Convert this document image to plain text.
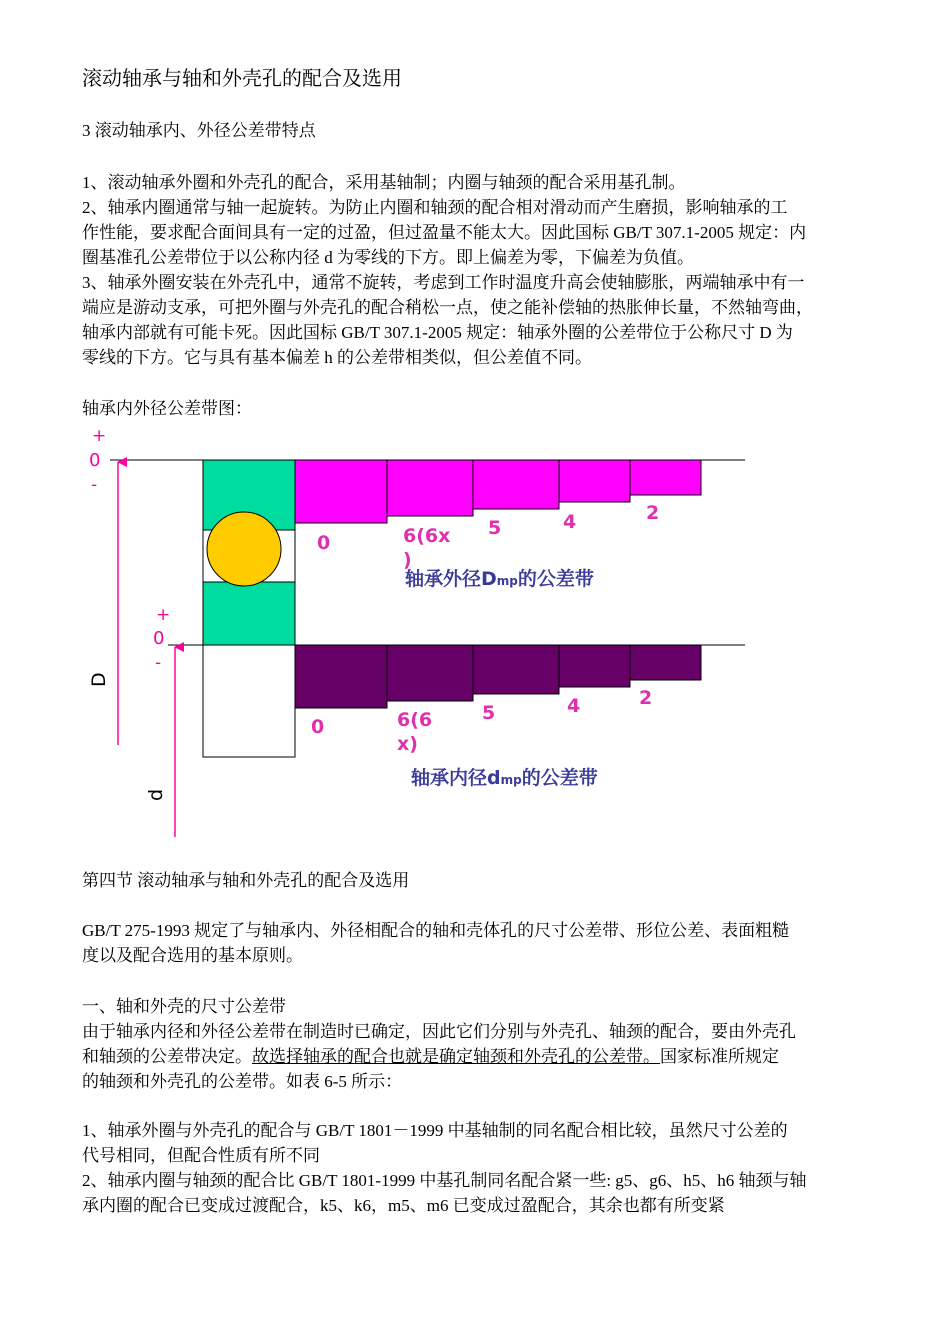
滚动轴承与轴和外壳孔的配合及选用
3 滚动轴承内、外径公差带特点
1、滚动轴承外圈和外壳孔的配合，采用基轴制；内圈与轴颈的配合采用基孔制。
2、轴承内圈通常与轴一起旋转。为防止内圈和轴颈的配合相对滑动而产生磨损，影响轴承的工
作性能，要求配合面间具有一定的过盈，但过盈量不能太大。因此国标 GB/T 307.1-2005 规定：内
圈基准孔公差带位于以公称内径 d 为零线的下方。即上偏差为零，下偏差为负值。
3、轴承外圈安装在外壳孔中，通常不旋转，考虑到工作时温度升高会使轴膨胀，两端轴承中有一
端应是游动支承，可把外圈与外壳孔的配合稍松一点，使之能补偿轴的热胀伸长量，不然轴弯曲，
轴承内部就有可能卡死。因此国标 GB/T 307.1-2005 规定：轴承外圈的公差带位于公称尺寸 D 为
零线的下方。它与具有基本偏差 h 的公差带相类似，但公差值不同。
轴承内外径公差带图：
+
0
-
D
0	6(6x
)
5	4	2
轴承外径Dmp的公差带
+
0
-
d
0	6(6
x)
5	4	2
轴承内径dmp的公差带
第四节 滚动轴承与轴和外壳孔的配合及选用
GB/T 275-1993 规定了与轴承内、外径相配合的轴和壳体孔的尺寸公差带、形位公差、表面粗糙
度以及配合选用的基本原则。
一、轴和外壳的尺寸公差带
由于轴承内径和外径公差带在制造时已确定，因此它们分别与外壳孔、轴颈的配合，要由外壳孔
和轴颈的公差带决定。故选择轴承的配合也就是确定轴颈和外壳孔的公差带。国家标准所规定
的轴颈和外壳孔的公差带。如表 6-5 所示：
1、轴承外圈与外壳孔的配合与 GB/T 1801－1999 中基轴制的同名配合相比较，虽然尺寸公差的
代号相同，但配合性质有所不同
2、轴承内圈与轴颈的配合比 GB/T 1801-1999 中基孔制同名配合紧一些: g5、g6、h5、h6 轴颈与轴
承内圈的配合已变成过渡配合，k5、k6，m5、m6 已变成过盈配合，其余也都有所变紧
